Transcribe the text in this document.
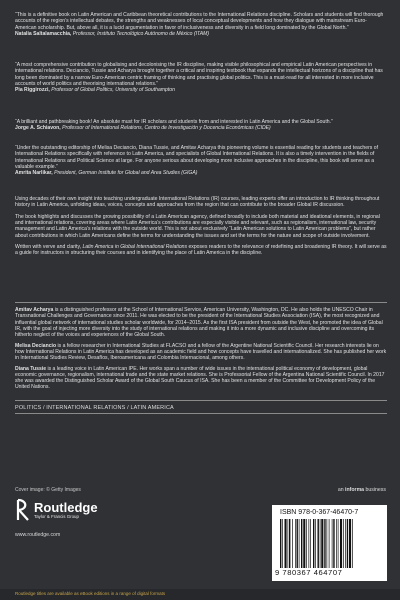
“This is a definitive book on Latin American and Caribbean theoretical contributions to the International Relations discipline. Scholars and students will find thorough accounts of the region’s intellectual debates, the strengths and weaknesses of local conceptual developments and how they dialogue with mainstream Euro-American scholarship. But, above all, it is a lucid argumentation in favor of inclusiveness and diversity in a field long dominated by the Global North.”

Natalia Saltalamacchia, Professor, Instituto Tecnológico Autónomo de México (ITAM)

“A most comprehensive contribution to globalising and decolonising the IR discipline, making visible philosophical and empirical Latin American perspectives in international relations. Deciancio, Tussie and Acharya brought together a critical and inspiring textbook that expands the intellectual horizons of a discipline that has long been dominated by a narrow Euro-American centric framing of thinking and practising global politics. This is a must-read for all interested in more inclusive accounts of world politics and theorising international relations.”

Pia Riggirozzi, Professor of Global Politics, University of Southampton

“A brilliant and pathbreaking book! An absolute must for IR scholars and students from and interested in Latin America and the Global South.”

Jorge A. Schiavon, Professor of International Relations, Centro de Investigación y Docencia Económicas (CIDE)

“Under the outstanding editorship of Melisa Deciancio, Diana Tussie, and Amitav Acharya this pioneering volume is essential reading for students and teachers of International Relations specifically with reference to Latin America, and specialists of Global International Relations. It is also a timely intervention in the fields of International Relations and Political Science at large. For anyone serious about developing more inclusive approaches in the discipline, this book will serve as a valuable example.”

Amrita Narlikar, President, German Institute for Global and Area Studies (GIGA)

Using decades of their own insight into teaching undergraduate International Relations (IR) courses, leading experts offer an introduction to IR thinking throughout history in Latin America, unfolding ideas, voices, concepts and approaches from the region that can contribute to the broader Global IR discussion.

The book highlights and discusses the growing possibility of a Latin American agency, defined broadly to include both material and ideational elements, in regional and international relations, covering areas where Latin America’s contributions are especially visible and relevant, such as regionalism, international law, security management and Latin America’s relations with the outside world. This is not about exclusively “Latin American solutions to Latin American problems”, but rather about contributions in which Latin Americans define the terms for understanding the issues and set the terms for the nature and scope of outside involvement.

Written with verve and clarity, Latin America in Global International Relations exposes readers to the relevance of redefining and broadening IR theory. It will serve as a guide for instructors in structuring their courses and in identifying the place of Latin America in the discipline.

Amitav Acharya is a distinguished professor at the School of International Service, American University, Washington, DC. He also holds the UNESCO Chair in Transnational Challenges and Governance since 2011. He was elected to be the president of the International Studies Association (ISA), the most recognized and influential global network of international studies scholar worldwide, for 2014–2015. As the first ISA president from outside the West, he promoted the idea of Global IR, with the goal of injecting more diversity into the study of international relations and making it into a more dynamic and inclusive discipline and overcoming its hitherto neglect of the voices and experiences of the Global South.

Melisa Deciancio is a fellow researcher in International Studies at FLACSO and a fellow of the Argentine National Scientific Council. Her research interests lie on how International Relations in Latin America has developed as an academic field and how concepts have travelled and internationalized. She has published her work in International Studies Review, Desafíos, Iberoamericana and Colombia Internacional, among others.

Diana Tussie is a leading voice in Latin American IPE. Her works span a number of wide issues in the international political economy of development, global economic governance, regionalism, international trade and the state market relations. She is Professorial Fellow of the Argentina National Scientific Council. In 2017 she was awarded the Distinguished Scholar Award of the Global South Caucus of ISA. She has been a member of the Committee for Development Policy of the United Nations.

POLITICS / INTERNATIONAL RELATIONS / LATIN AMERICA
Cover image: © Getty Images	an informa business
Routledge
Taylor & Francis Group
www.routledge.com
ISBN 978-0-367-46470-7
9 780367 464707
Routledge titles are available as eBook editions in a range of digital formats
